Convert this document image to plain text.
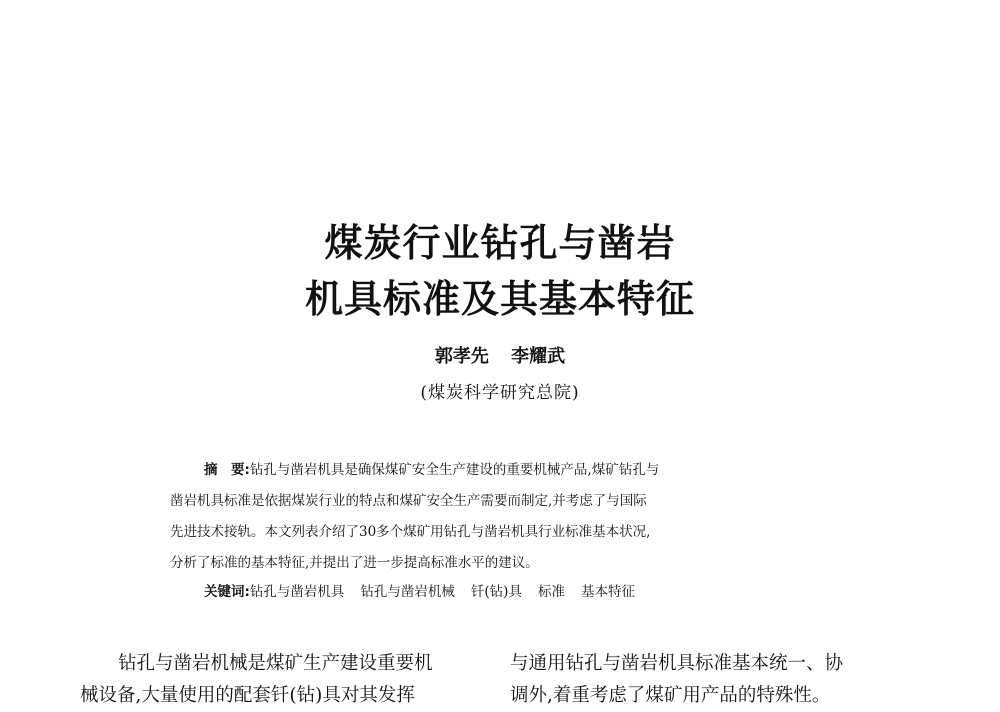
煤炭行业钻孔与凿岩
机具标准及其基本特征
郭孝先 李耀武
(煤炭科学研究总院)
摘　要:钻孔与凿岩机具是确保煤矿安全生产建设的重要机械产品,煤矿钻孔与
凿岩机具标准是依据煤炭行业的特点和煤矿安全生产需要而制定,并考虑了与国际
先进技术接轨。本文列表介绍了30多个煤矿用钻孔与凿岩机具行业标准基本状况,
分析了标准的基本特征,并提出了进一步提高标准水平的建议。
关键词:钻孔与凿岩机具 钻孔与凿岩机械 钎(钻)具 标准 基本特征
钻孔与凿岩机械是煤矿生产建设重要机
械设备,大量使用的配套钎(钻)具对其发挥
与通用钻孔与凿岩机具标准基本统一、协
调外,着重考虑了煤矿用产品的特殊性。
